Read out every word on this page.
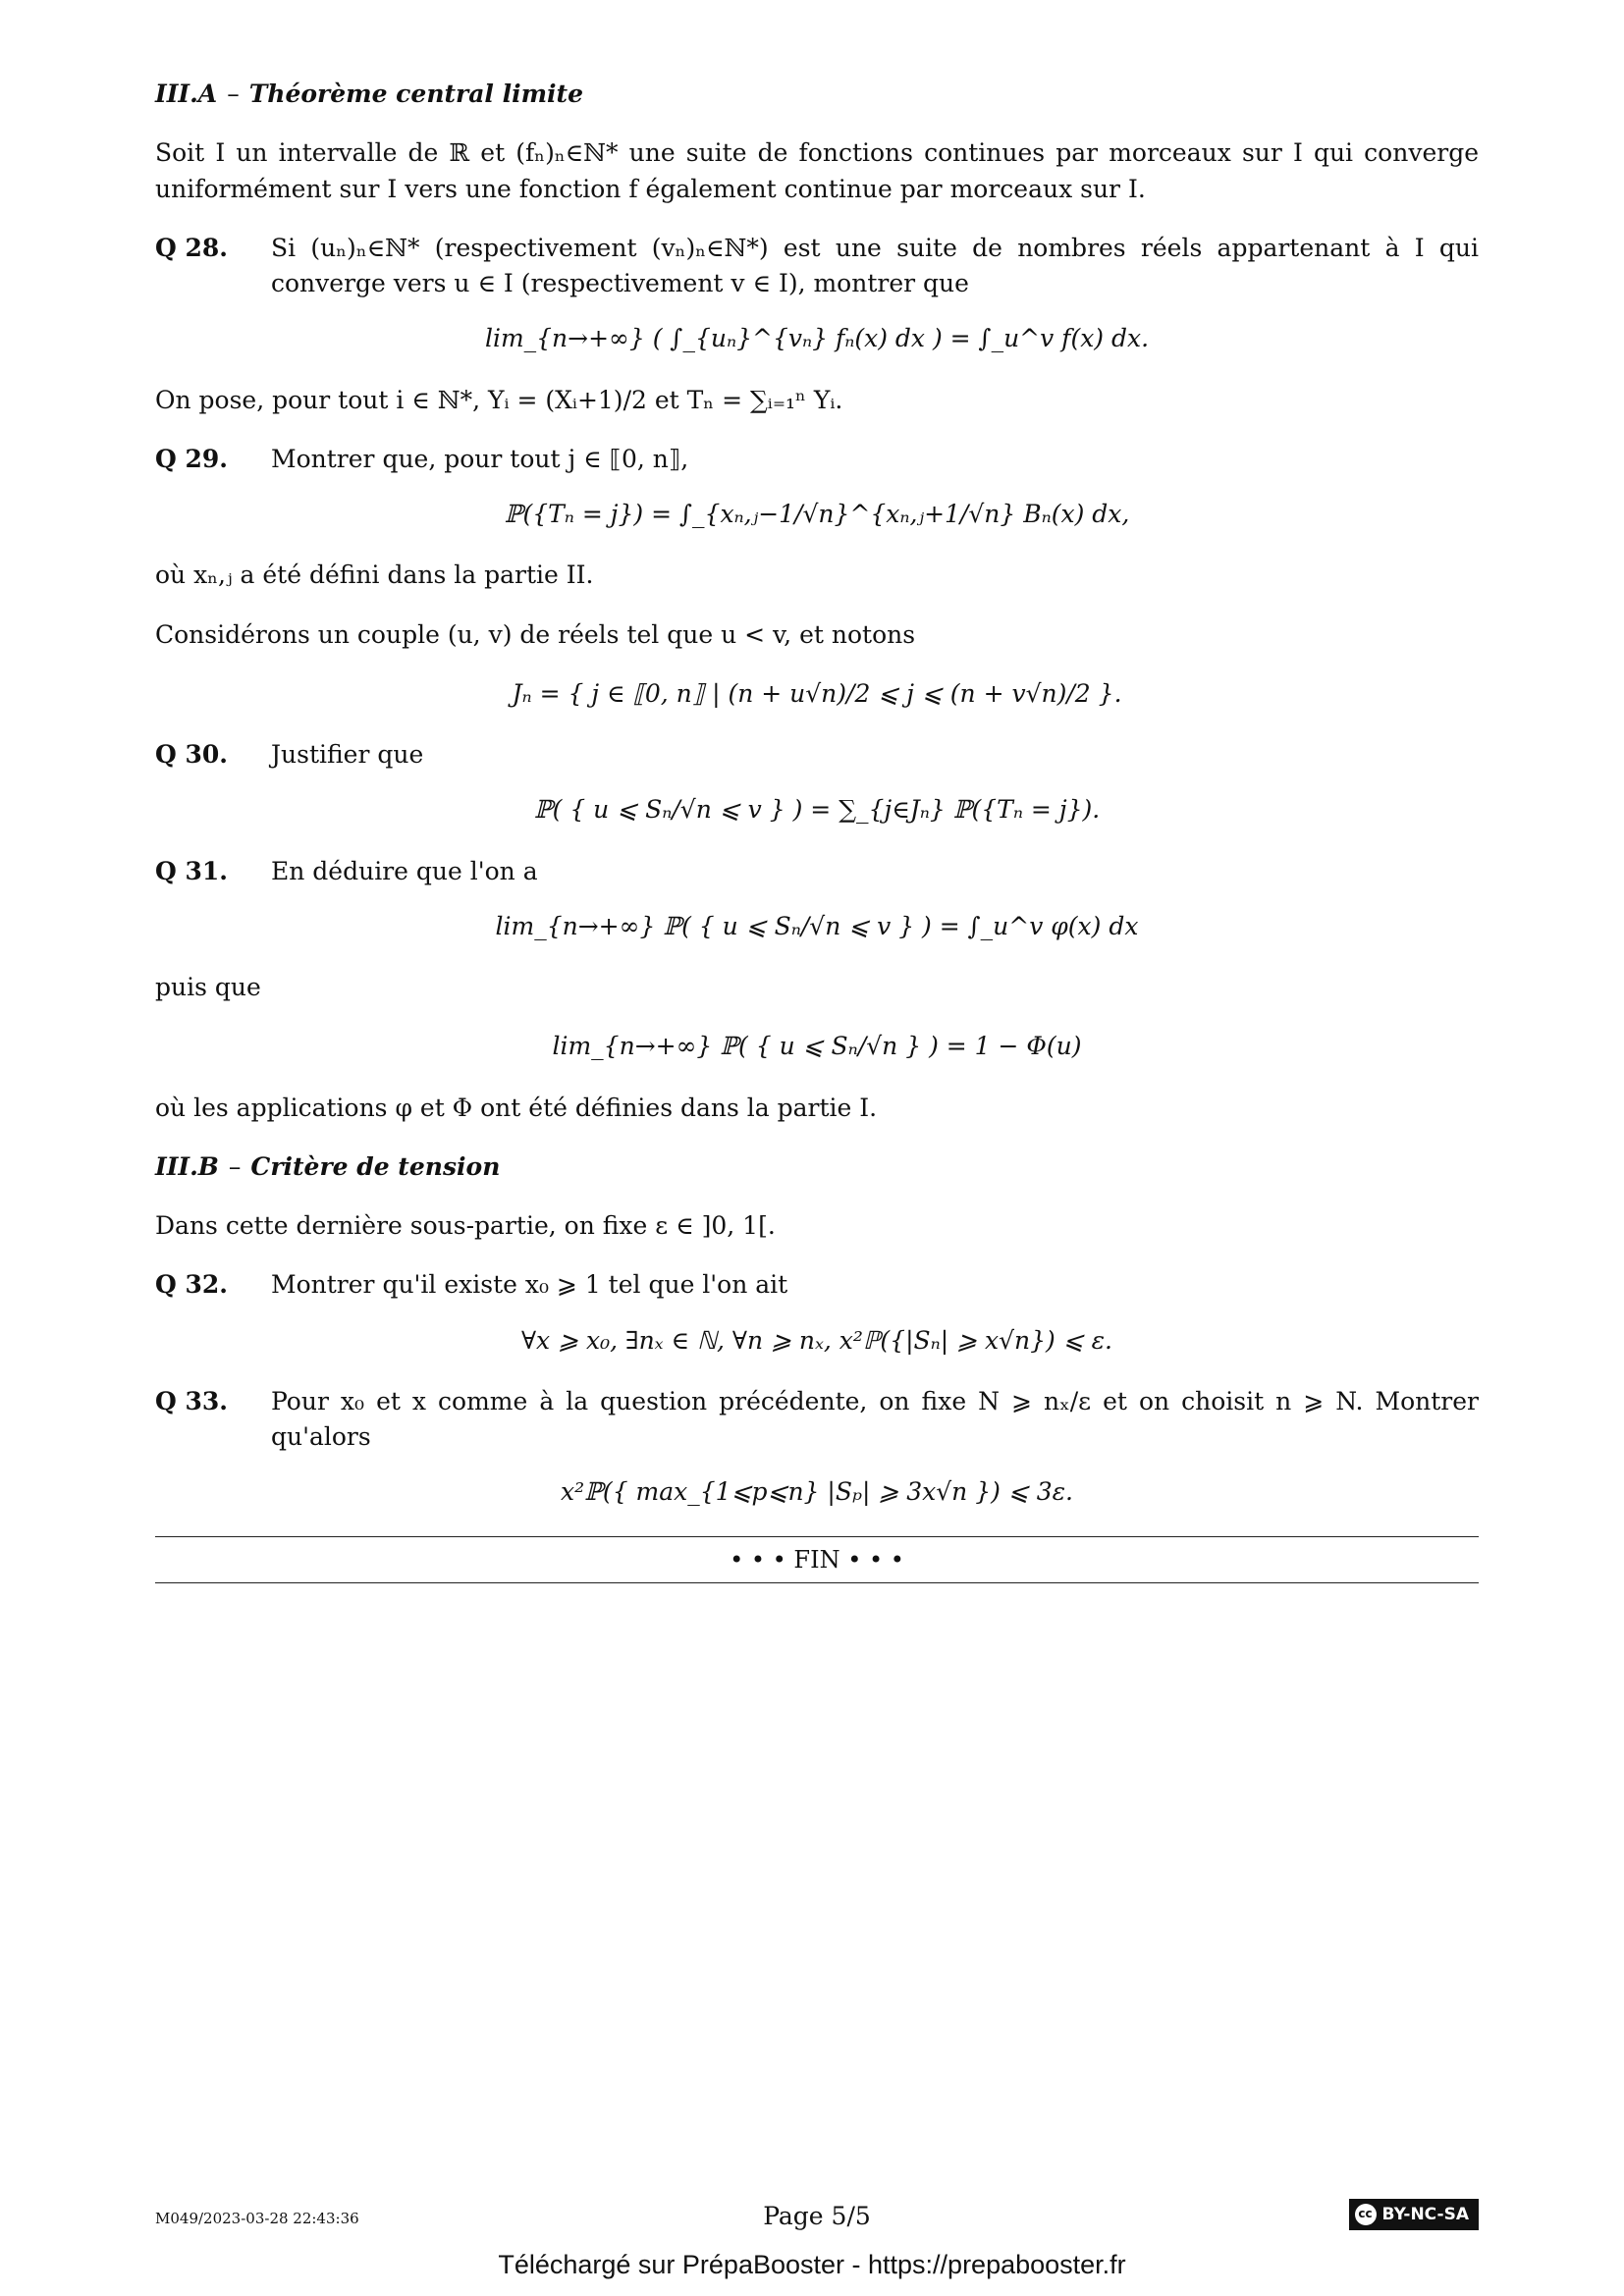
III.A – Théorème central limite

Soit I un intervalle de ℝ et (fₙ)ₙ∈ℕ* une suite de fonctions continues par morceaux sur I qui converge uniformément sur I vers une fonction f également continue par morceaux sur I.

Q 28.	Si (uₙ)ₙ∈ℕ* (respectivement (vₙ)ₙ∈ℕ*) est une suite de nombres réels appartenant à I qui converge vers u ∈ I (respectivement v ∈ I), montrer que
lim_{n→+∞} ( ∫_{uₙ}^{vₙ} fₙ(x) dx ) = ∫_u^v f(x) dx.

On pose, pour tout i ∈ ℕ*, Yᵢ = (Xᵢ+1)/2 et Tₙ = ∑ᵢ₌₁ⁿ Yᵢ.

Q 29.	Montrer que, pour tout j ∈ ⟦0, n⟧,
ℙ({Tₙ = j}) = ∫_{xₙ,ⱼ−1/√n}^{xₙ,ⱼ+1/√n} Bₙ(x) dx,

où xₙ,ⱼ a été défini dans la partie II.

Considérons un couple (u, v) de réels tel que u < v, et notons

Jₙ = { j ∈ ⟦0, n⟧ | (n + u√n)/2 ⩽ j ⩽ (n + v√n)/2 }.
Q 30.	Justifier que
ℙ( { u ⩽ Sₙ/√n ⩽ v } ) = ∑_{j∈Jₙ} ℙ({Tₙ = j}).
Q 31.	En déduire que l'on a
lim_{n→+∞} ℙ( { u ⩽ Sₙ/√n ⩽ v } ) = ∫_u^v φ(x) dx

puis que

lim_{n→+∞} ℙ( { u ⩽ Sₙ/√n } ) = 1 − Φ(u)

où les applications φ et Φ ont été définies dans la partie I.

III.B – Critère de tension

Dans cette dernière sous-partie, on fixe ε ∈ ]0, 1[.

Q 32.	Montrer qu'il existe x₀ ⩾ 1 tel que l'on ait
∀x ⩾ x₀, ∃nₓ ∈ ℕ, ∀n ⩾ nₓ, x²ℙ({|Sₙ| ⩾ x√n}) ⩽ ε.
Q 33.	Pour x₀ et x comme à la question précédente, on fixe N ⩾ nₓ/ε et on choisit n ⩾ N. Montrer qu'alors
x²ℙ({ max_{1⩽p⩽n} |Sₚ| ⩾ 3x√n }) ⩽ 3ε.
• • • FIN • • •
M049/2023-03-28 22:43:36	Page 5/5	cc BY-NC-SA
Téléchargé sur PrépaBooster - https://prepabooster.fr
